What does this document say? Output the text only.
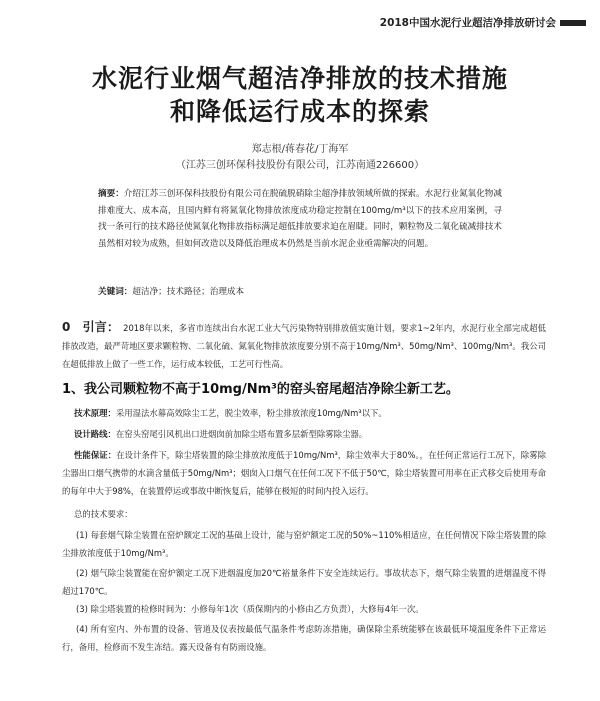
2018中国水泥行业超洁净排放研讨会
水泥行业烟气超洁净排放的技术措施
和降低运行成本的探索
郑志根/蒋春花/丁海军
（江苏三创环保科技股份有限公司，江苏南通226600）
摘要：介绍江苏三创环保科技股份有限公司在脱硫脱硝除尘超净排放领域所做的探索。水泥行业氮氧化物减排难度大、成本高，且国内鲜有将氮氧化物排放浓度成功稳定控制在100mg/m³以下的技术应用案例，寻找一条可行的技术路径使氮氧化物排放指标满足超低排放要求迫在眉睫。同时，颗粒物及二氧化硫减排技术虽然相对较为成熟，但如何改造以及降低治理成本仍然是当前水泥企业亟需解决的问题。
关键词：超洁净；技术路径；治理成本
0　引言： 2018年以来，多省市连续出台水泥工业大气污染物特别排放值实施计划，要求1~2年内，水泥行业全部完成超低排放改造，最严苛地区要求颗粒物、二氧化硫、氮氧化物排放浓度要分别不高于10mg/Nm³、50mg/Nm³、100mg/Nm³。我公司在超低排放上做了一些工作，运行成本较低，工艺可行性高。
1、我公司颗粒物不高于10mg/Nm³的窑头窑尾超洁净除尘新工艺。
技术原理：采用湿法水幕高效除尘工艺，脱尘效率，粉尘排放浓度10mg/Nm³以下。
设计路线：在窑头窑尾引风机出口进烟囱前加除尘塔布置多层新型除雾除尘器。
性能保证：在设计条件下，除尘塔装置的除尘排放浓度低于10mg/Nm³，除尘效率大于80%。，在任何正常运行工况下，除雾除尘器出口烟气携带的水滴含量低于50mg/Nm³；烟囱入口烟气在任何工况下不低于50℃，除尘塔装置可用率在正式移交后使用寿命的每年中大于98%，在装置停运或事故中断恢复后，能够在极短的时间内投入运行。
总的技术要求：
(1) 每套烟气除尘装置在窑炉额定工况的基础上设计，能与窑炉额定工况的50%~110%相适应，在任何情况下除尘塔装置的除尘排放浓度低于10mg/Nm³。
(2) 烟气除尘装置能在窑炉额定工况下进烟温度加20℃裕量条件下安全连续运行。事故状态下，烟气除尘装置的进烟温度不得超过170℃。
(3) 除尘塔装置的检修时间为：小修每年1次（质保期内的小修由乙方负责），大修每4年一次。
(4) 所有室内、外布置的设备、管道及仪表按最低气温条件考虑防冻措施，确保除尘系统能够在该最低环境温度条件下正常运行，备用，检修而不发生冻结。露天设备有有防雨设施。
